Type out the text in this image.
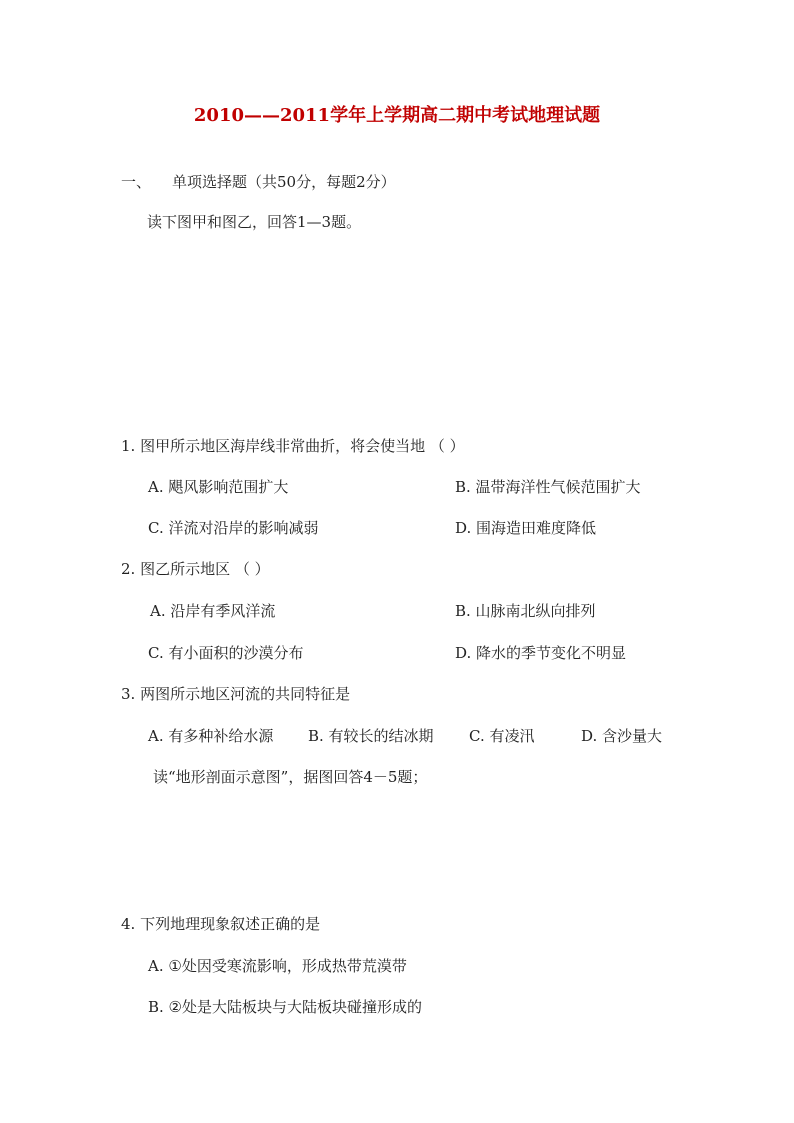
2010——2011学年上学期高二期中考试地理试题
一、 单项选择题（共50分，每题2分）
读下图甲和图乙，回答1—3题。
1. 图甲所示地区海岸线非常曲折，将会使当地 （ ）
A. 飓风影响范围扩大	B. 温带海洋性气候范围扩大
C. 洋流对沿岸的影响减弱	D. 围海造田难度降低
2. 图乙所示地区 （ ）
A. 沿岸有季风洋流	B. 山脉南北纵向排列
C. 有小面积的沙漠分布	D. 降水的季节变化不明显
3. 两图所示地区河流的共同特征是
A. 有多种补给水源 B. 有较长的结冰期 C. 有凌汛	D. 含沙量大
读“地形剖面示意图”，据图回答4－5题；
4. 下列地理现象叙述正确的是
A. ①处因受寒流影响，形成热带荒漠带
B. ②处是大陆板块与大陆板块碰撞形成的
